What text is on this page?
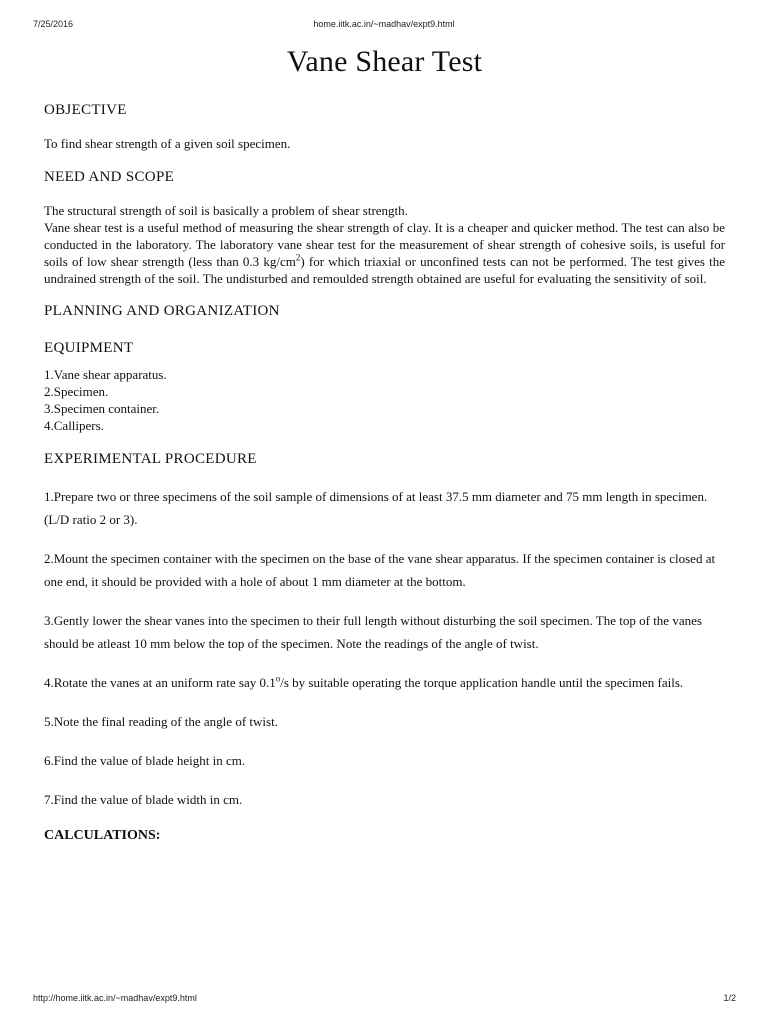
7/25/2016	home.iitk.ac.in/~madhav/expt9.html
Vane Shear Test
OBJECTIVE

To find shear strength of a given soil specimen.

NEED AND SCOPE

The structural strength of soil is basically a problem of shear strength.

Vane shear test is a useful method of measuring the shear strength of clay. It is a cheaper and quicker method. The test can also be conducted in the laboratory. The laboratory vane shear test for the measurement of shear strength of cohesive soils, is useful for soils of low shear strength (less than 0.3 $kg/cm^2$) for which triaxial or unconfined tests can not be performed. The test gives the undrained strength of the soil. The undisturbed and remoulded strength obtained are useful for evaluating the sensitivity of soil.

PLANNING AND ORGANIZATION
EQUIPMENT

1.Vane shear apparatus.

2.Specimen.

3.Specimen container.

4.Callipers.

EXPERIMENTAL PROCEDURE

1.Prepare two or three specimens of the soil sample of dimensions of at least 37.5 mm diameter and 75 mm length in specimen.(L/D ratio 2 or 3).

2.Mount the specimen container with the specimen on the base of the vane shear apparatus. If the specimen container is closed at one end, it should be provided with a hole of about 1 mm diameter at the bottom.

3.Gently lower the shear vanes into the specimen to their full length without disturbing the soil specimen. The top of the vanes should be atleast 10 mm below the top of the specimen. Note the readings of the angle of twist.

4.Rotate the vanes at an uniform rate say 0.1$^o$/s by suitable operating the torque application handle until the specimen fails.

5.Note the final reading of the angle of twist.

6.Find the value of blade height in cm.

7.Find the value of blade width in cm.

CALCULATIONS:

http://home.iitk.ac.in/~madhav/expt9.html	1/2
